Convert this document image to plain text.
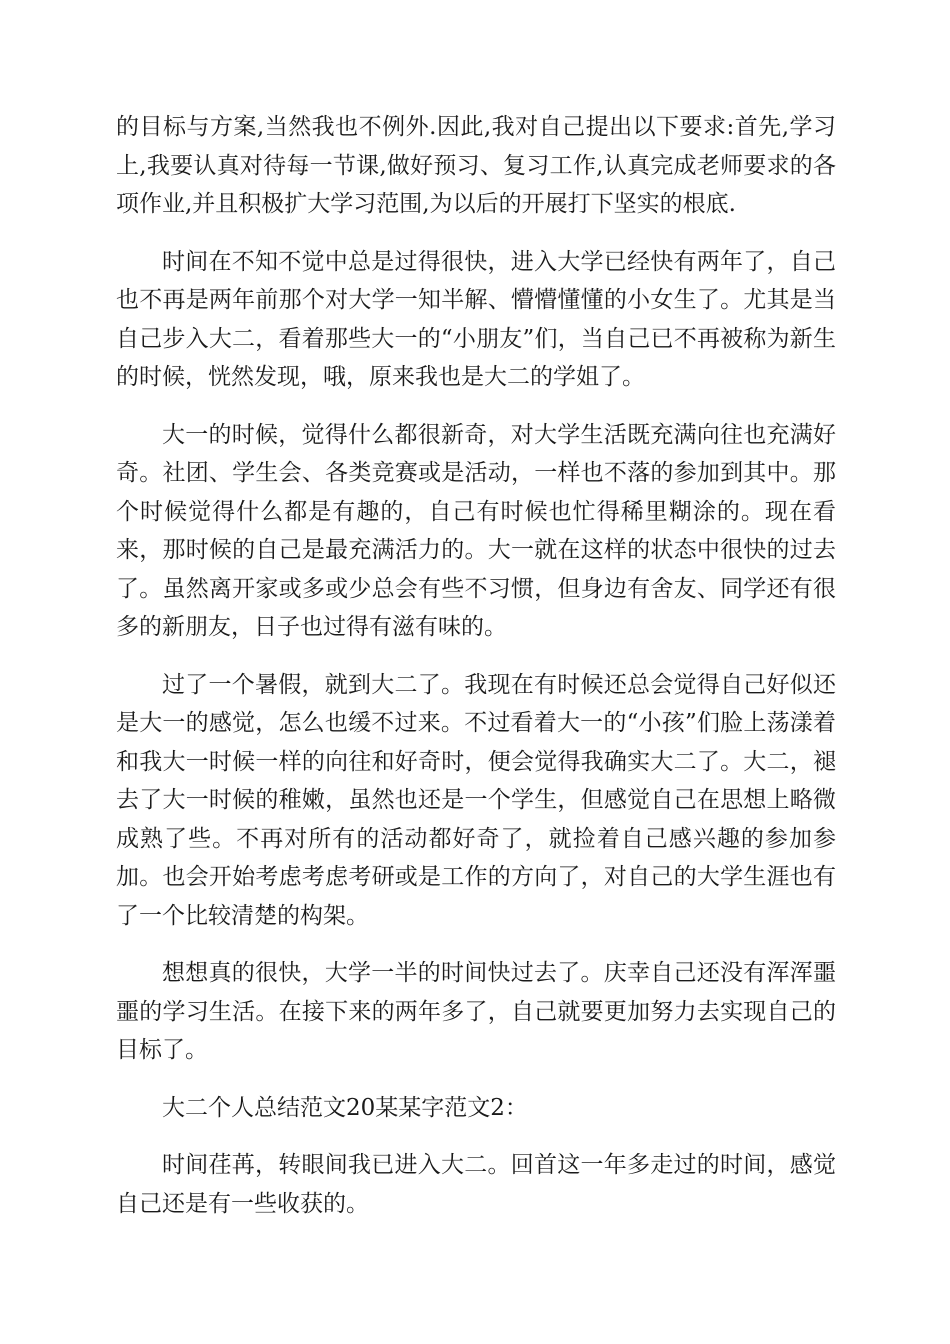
的目标与方案,当然我也不例外.因此,我对自己提出以下要求:首先,学习上,我要认真对待每一节课,做好预习、复习工作,认真完成老师要求的各项作业,并且积极扩大学习范围,为以后的开展打下坚实的根底.

时间在不知不觉中总是过得很快，进入大学已经快有两年了，自己也不再是两年前那个对大学一知半解、懵懵懂懂的小女生了。尤其是当自己步入大二，看着那些大一的“小朋友”们，当自己已不再被称为新生的时候，恍然发现，哦，原来我也是大二的学姐了。

大一的时候，觉得什么都很新奇，对大学生活既充满向往也充满好奇。社团、学生会、各类竞赛或是活动，一样也不落的参加到其中。那个时候觉得什么都是有趣的，自己有时候也忙得稀里糊涂的。现在看来，那时候的自己是最充满活力的。大一就在这样的状态中很快的过去了。虽然离开家或多或少总会有些不习惯，但身边有舍友、同学还有很多的新朋友，日子也过得有滋有味的。

过了一个暑假，就到大二了。我现在有时候还总会觉得自己好似还是大一的感觉，怎么也缓不过来。不过看着大一的“小孩”们脸上荡漾着和我大一时候一样的向往和好奇时，便会觉得我确实大二了。大二，褪去了大一时候的稚嫩，虽然也还是一个学生，但感觉自己在思想上略微成熟了些。不再对所有的活动都好奇了，就捡着自己感兴趣的参加参加。也会开始考虑考虑考研或是工作的方向了，对自己的大学生涯也有了一个比较清楚的构架。

想想真的很快，大学一半的时间快过去了。庆幸自己还没有浑浑噩噩的学习生活。在接下来的两年多了，自己就要更加努力去实现自己的目标了。

大二个人总结范文20某某字范文2：

时间荏苒，转眼间我已进入大二。回首这一年多走过的时间，感觉自己还是有一些收获的。
